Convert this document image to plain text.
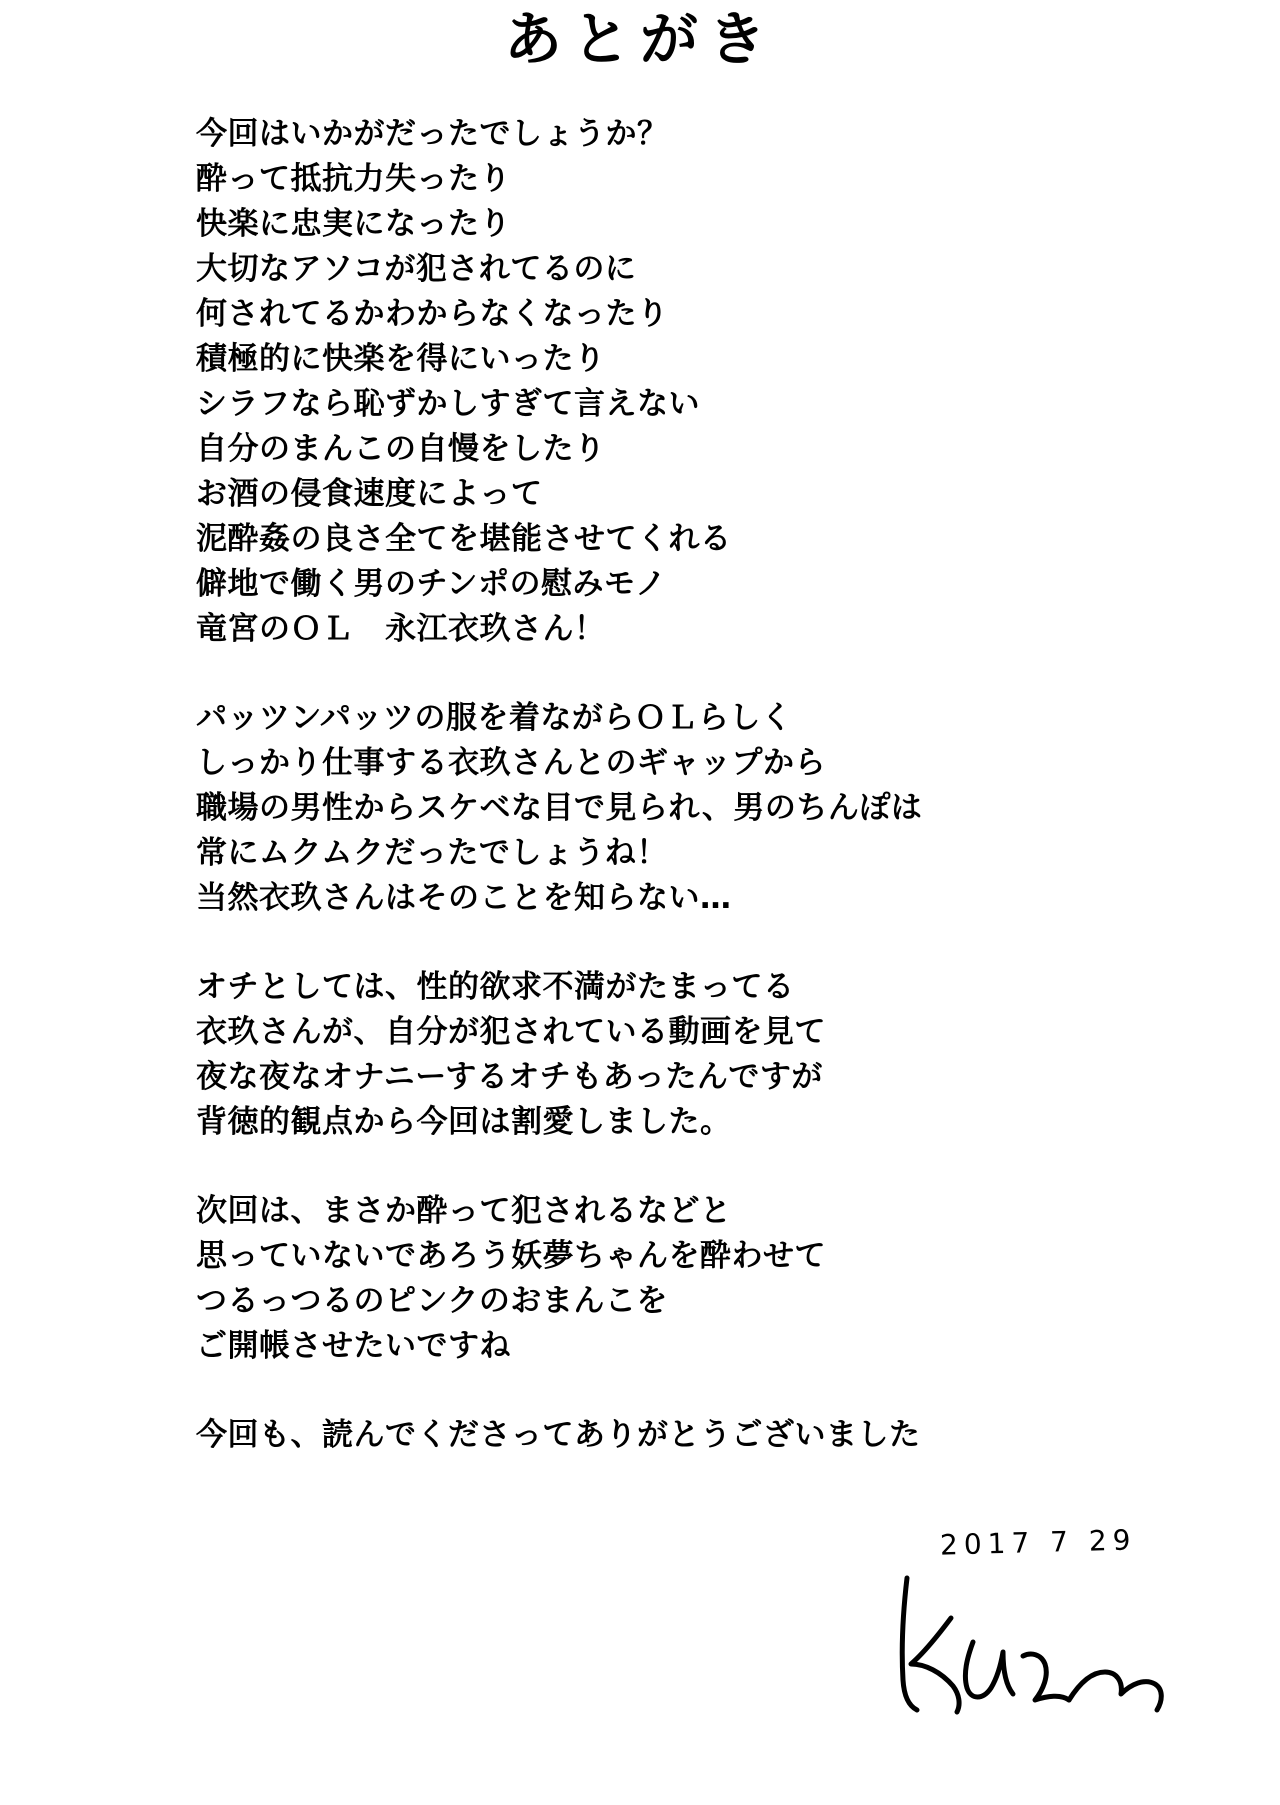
あとがき
今回はいかがだったでしょうか？
酔って抵抗力失ったり
快楽に忠実になったり
大切なアソコが犯されてるのに
何されてるかわからなくなったり
積極的に快楽を得にいったり
シラフなら恥ずかしすぎて言えない
自分のまんこの自慢をしたり
お酒の侵食速度によって
泥酔姦の良さ全てを堪能させてくれる
僻地で働く男のチンポの慰みモノ
竜宮のＯＬ　永江衣玖さん！
パッツンパッツの服を着ながらＯＬらしく
しっかり仕事する衣玖さんとのギャップから
職場の男性からスケベな目で見られ、男のちんぽは
常にムクムクだったでしょうね！
当然衣玖さんはそのことを知らない…
オチとしては、性的欲求不満がたまってる
衣玖さんが、自分が犯されている動画を見て
夜な夜なオナニーするオチもあったんですが
背徳的観点から今回は割愛しました。
次回は、まさか酔って犯されるなどと
思っていないであろう妖夢ちゃんを酔わせて
つるっつるのピンクのおまんこを
ご開帳させたいですね
今回も、読んでくださってありがとうございました
2017 7 29
